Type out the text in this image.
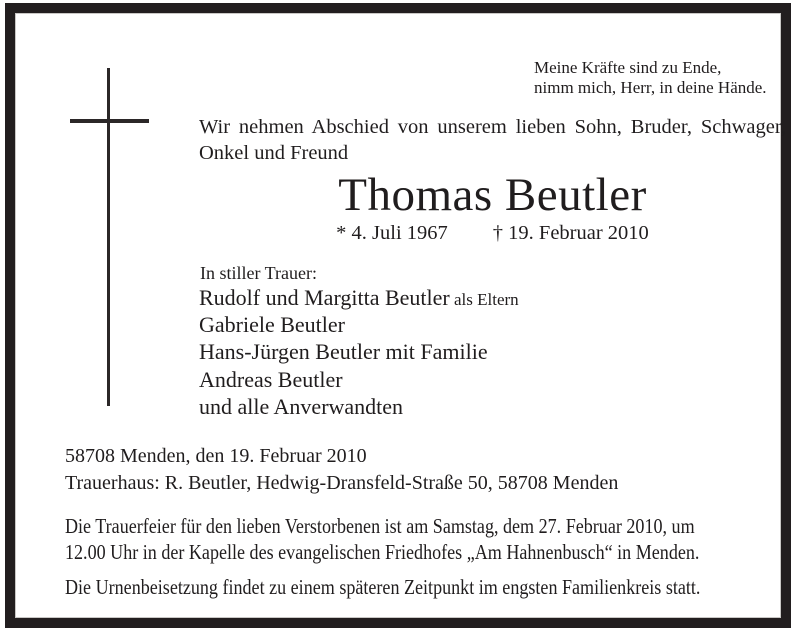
Meine Kräfte sind zu Ende,
nimm mich, Herr, in deine Hände.
Wir nehmen Abschied von unserem lieben Sohn, Bruder, Schwager,
Onkel und Freund
Thomas Beutler
* 4. Juli 1967 † 19. Februar 2010
In stiller Trauer:
Rudolf und Margitta Beutler als Eltern
Gabriele Beutler
Hans-Jürgen Beutler mit Familie
Andreas Beutler
und alle Anverwandten
58708 Menden, den 19. Februar 2010
Trauerhaus: R. Beutler, Hedwig-Dransfeld-Straße 50, 58708 Menden
Die Trauerfeier für den lieben Verstorbenen ist am Samstag, dem 27. Februar 2010, um
12.00 Uhr in der Kapelle des evangelischen Friedhofes „Am Hahnenbusch“ in Menden.
Die Urnenbeisetzung findet zu einem späteren Zeitpunkt im engsten Familienkreis statt.
